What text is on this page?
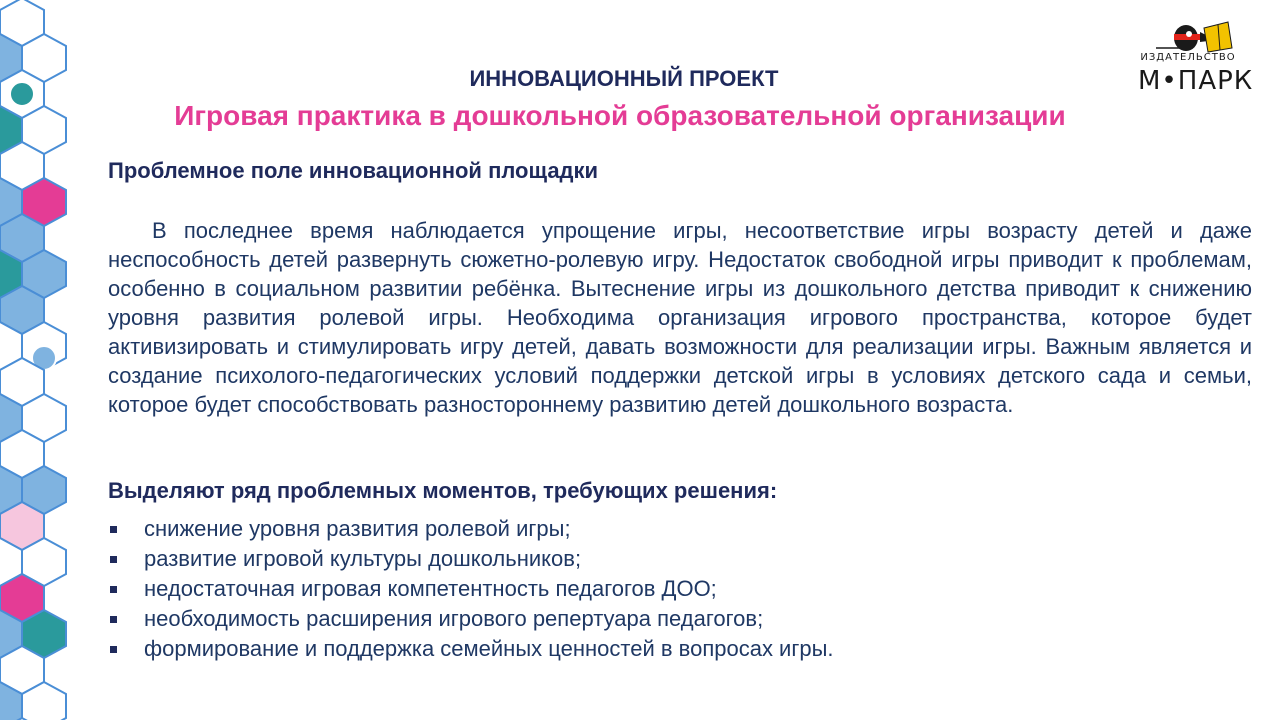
ИЗДАТЕЛЬСТВО
М•ПАРК
ИННОВАЦИОННЫЙ ПРОЕКТ
Игровая практика в дошкольной образовательной организации
Проблемное поле инновационной площадки

В последнее время наблюдается упрощение игры, несоответствие игры возрасту детей и даже неспособность детей развернуть сюжетно-ролевую игру. Недостаток свободной игры приводит к проблемам, особенно в социальном развитии ребёнка. Вытеснение игры из дошкольного детства приводит к снижению уровня развития ролевой игры. Необходима организация игрового пространства, которое будет активизировать и стимулировать игру детей, давать возможности для реализации игры. Важным является и создание психолого-педагогических условий поддержки детской игры в условиях детского сада и семьи, которое будет способствовать разностороннему развитию детей дошкольного возраста.

Выделяют ряд проблемных моментов, требующих решения:
снижение уровня развития ролевой игры;
развитие игровой культуры дошкольников;
недостаточная игровая компетентность педагогов ДОО;
необходимость расширения игрового репертуара педагогов;
формирование и поддержка семейных ценностей в вопросах игры.
